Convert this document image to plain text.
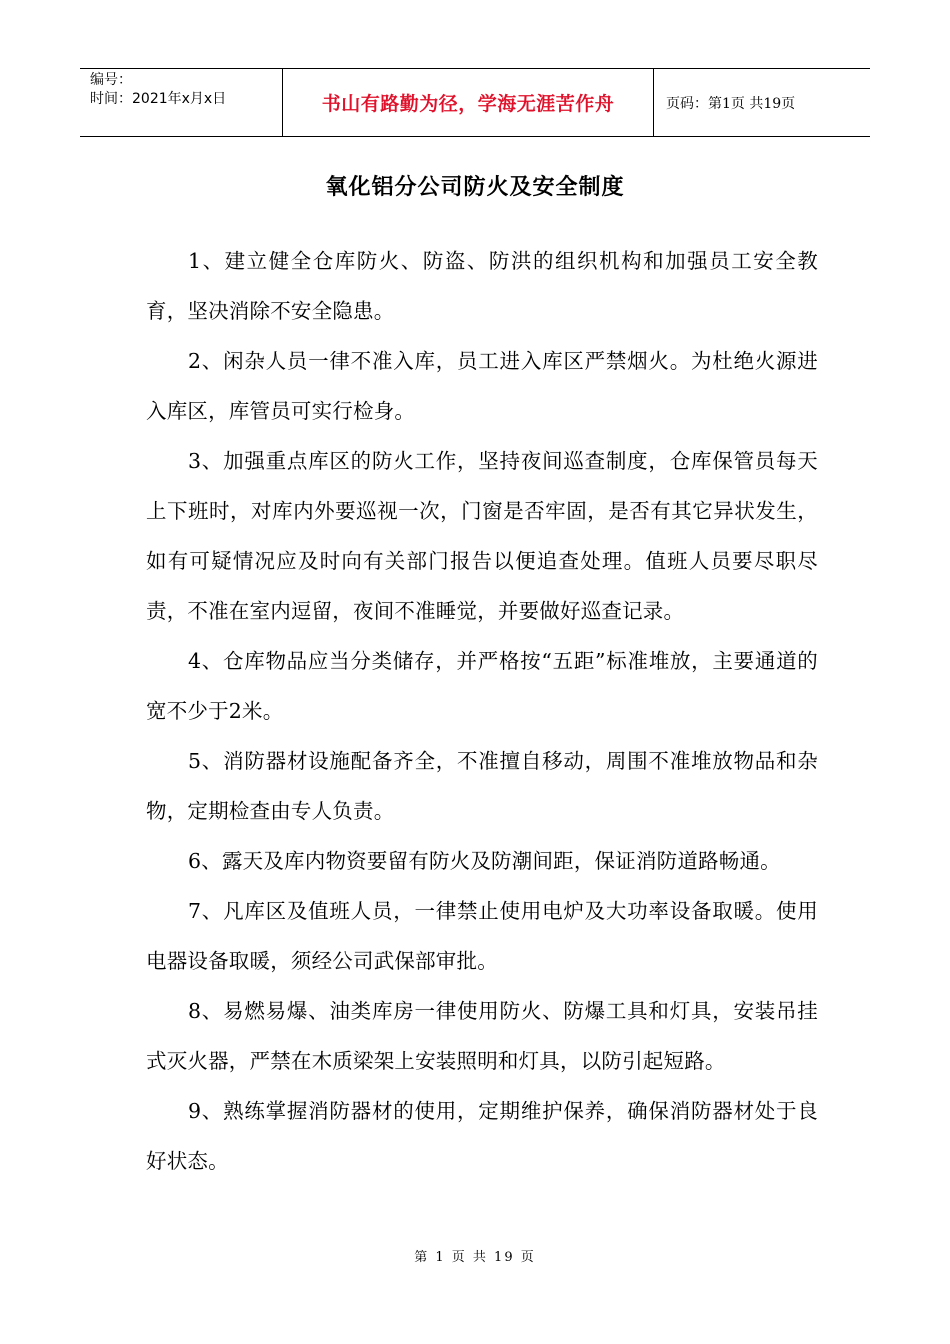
编号：
时间：2021年x月x日	书山有路勤为径，学海无涯苦作舟	页码：第1页 共19页
氧化铝分公司防火及安全制度

1、建立健全仓库防火、防盗、防洪的组织机构和加强员工安全教育，坚决消除不安全隐患。

2、闲杂人员一律不准入库，员工进入库区严禁烟火。为杜绝火源进入库区，库管员可实行检身。

3、加强重点库区的防火工作，坚持夜间巡查制度，仓库保管员每天上下班时，对库内外要巡视一次，门窗是否牢固，是否有其它异状发生，如有可疑情况应及时向有关部门报告以便追查处理。值班人员要尽职尽责，不准在室内逗留，夜间不准睡觉，并要做好巡查记录。

4、仓库物品应当分类储存，并严格按“五距”标准堆放，主要通道的宽不少于2米。

5、消防器材设施配备齐全，不准擅自移动，周围不准堆放物品和杂物，定期检查由专人负责。

6、露天及库内物资要留有防火及防潮间距，保证消防道路畅通。

7、凡库区及值班人员，一律禁止使用电炉及大功率设备取暖。使用电器设备取暖，须经公司武保部审批。

8、易燃易爆、油类库房一律使用防火、防爆工具和灯具，安装吊挂式灭火器，严禁在木质梁架上安装照明和灯具，以防引起短路。

9、熟练掌握消防器材的使用，定期维护保养，确保消防器材处于良好状态。

第 1 页 共 19 页
